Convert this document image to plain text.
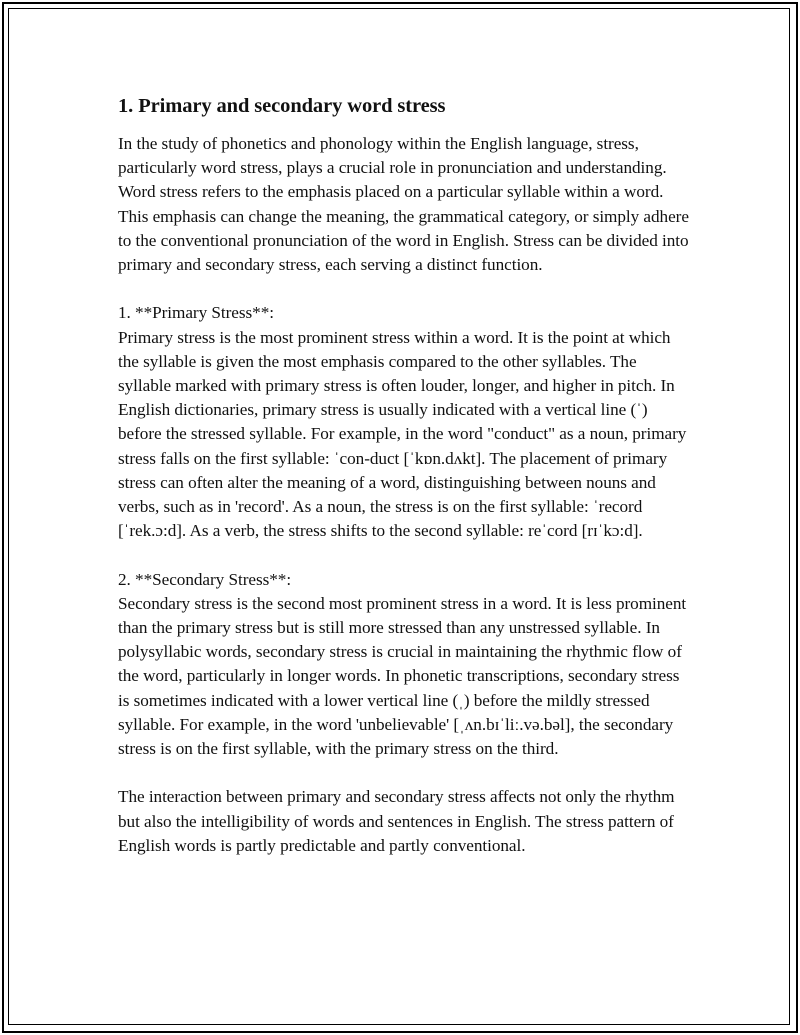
1. Primary and secondary word stress

In the study of phonetics and phonology within the English language, stress, particularly word stress, plays a crucial role in pronunciation and understanding. Word stress refers to the emphasis placed on a particular syllable within a word. This emphasis can change the meaning, the grammatical category, or simply adhere to the conventional pronunciation of the word in English. Stress can be divided into primary and secondary stress, each serving a distinct function.

1. **Primary Stress**:
Primary stress is the most prominent stress within a word. It is the point at which the syllable is given the most emphasis compared to the other syllables. The syllable marked with primary stress is often louder, longer, and higher in pitch. In English dictionaries, primary stress is usually indicated with a vertical line (ˈ) before the stressed syllable. For example, in the word "conduct" as a noun, primary stress falls on the first syllable: ˈcon-duct [ˈkɒn.dʌkt]. The placement of primary stress can often alter the meaning of a word, distinguishing between nouns and verbs, such as in 'record'. As a noun, the stress is on the first syllable: ˈrecord [ˈrek.ɔ:d]. As a verb, the stress shifts to the second syllable: reˈcord [rɪˈkɔ:d].

2. **Secondary Stress**:
Secondary stress is the second most prominent stress in a word. It is less prominent than the primary stress but is still more stressed than any unstressed syllable. In polysyllabic words, secondary stress is crucial in maintaining the rhythmic flow of the word, particularly in longer words. In phonetic transcriptions, secondary stress is sometimes indicated with a lower vertical line (ˌ) before the mildly stressed syllable. For example, in the word 'unbelievable' [ˌʌn.bɪˈliː.və.bəl], the secondary stress is on the first syllable, with the primary stress on the third.

The interaction between primary and secondary stress affects not only the rhythm but also the intelligibility of words and sentences in English. The stress pattern of English words is partly predictable and partly conventional.
